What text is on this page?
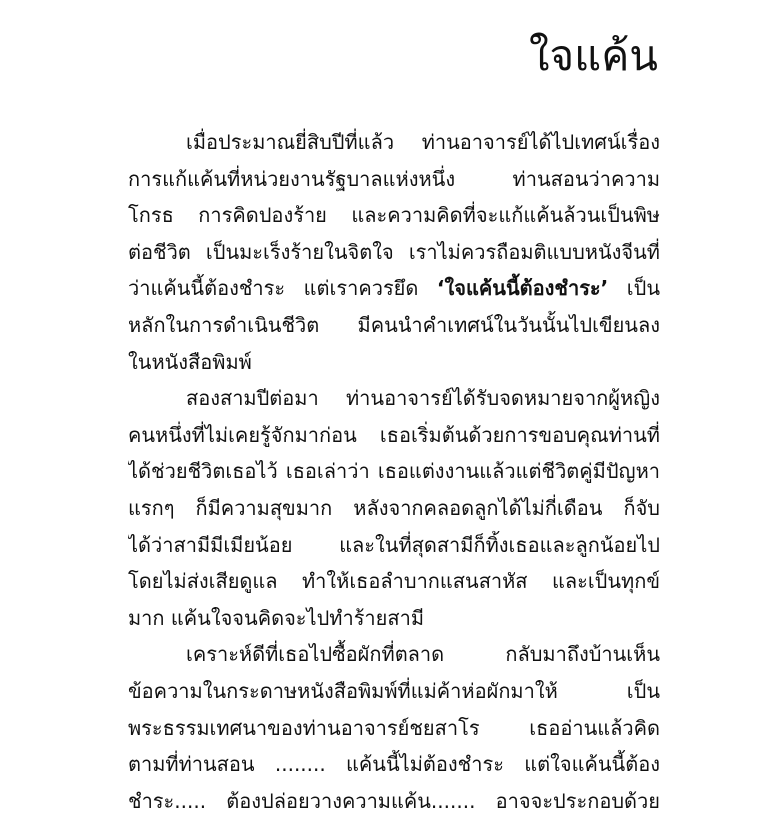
ใจแค้น
เมื่อประมาณยี่สิบปีที่แล้ว ท่านอาจารย์ได้ไปเทศน์เรื่อง
การแก้แค้นที่หน่วยงานรัฐบาลแห่งหนึ่ง ท่านสอนว่าความ
โกรธ การคิดปองร้าย และความคิดที่จะแก้แค้นล้วนเป็นพิษ
ต่อชีวิต เป็นมะเร็งร้ายในจิตใจ เราไม่ควรถือมติแบบหนังจีนที่
ว่าแค้นนี้ต้องชำระ แต่เราควรยึด ‘ใจแค้นนี้ต้องชำระ’ เป็น
หลักในการดำเนินชีวิต มีคนนำคำเทศน์ในวันนั้นไปเขียนลง
ในหนังสือพิมพ์
สองสามปีต่อมา ท่านอาจารย์ได้รับจดหมายจากผู้หญิง
คนหนึ่งที่ไม่เคยรู้จักมาก่อน เธอเริ่มต้นด้วยการขอบคุณท่านที่
ได้ช่วยชีวิตเธอไว้ เธอเล่าว่า เธอแต่งงานแล้วแต่ชีวิตคู่มีปัญหา
แรกๆ ก็มีความสุขมาก หลังจากคลอดลูกได้ไม่กี่เดือน ก็จับ
ได้ว่าสามีมีเมียน้อย และในที่สุดสามีก็ทิ้งเธอและลูกน้อยไป
โดยไม่ส่งเสียดูแล ทำให้เธอลำบากแสนสาหัส และเป็นทุกข์
มาก แค้นใจจนคิดจะไปทำร้ายสามี
เคราะห์ดีที่เธอไปซื้อผักที่ตลาด กลับมาถึงบ้านเห็น
ข้อความในกระดาษหนังสือพิมพ์ที่แม่ค้าห่อผักมาให้ เป็น
พระธรรมเทศนาของท่านอาจารย์ชยสาโร เธออ่านแล้วคิด
ตามที่ท่านสอน ........ แค้นนี้ไม่ต้องชำระ แต่ใจแค้นนี้ต้อง
ชำระ..... ต้องปล่อยวางความแค้น....... อาจจะประกอบด้วย
